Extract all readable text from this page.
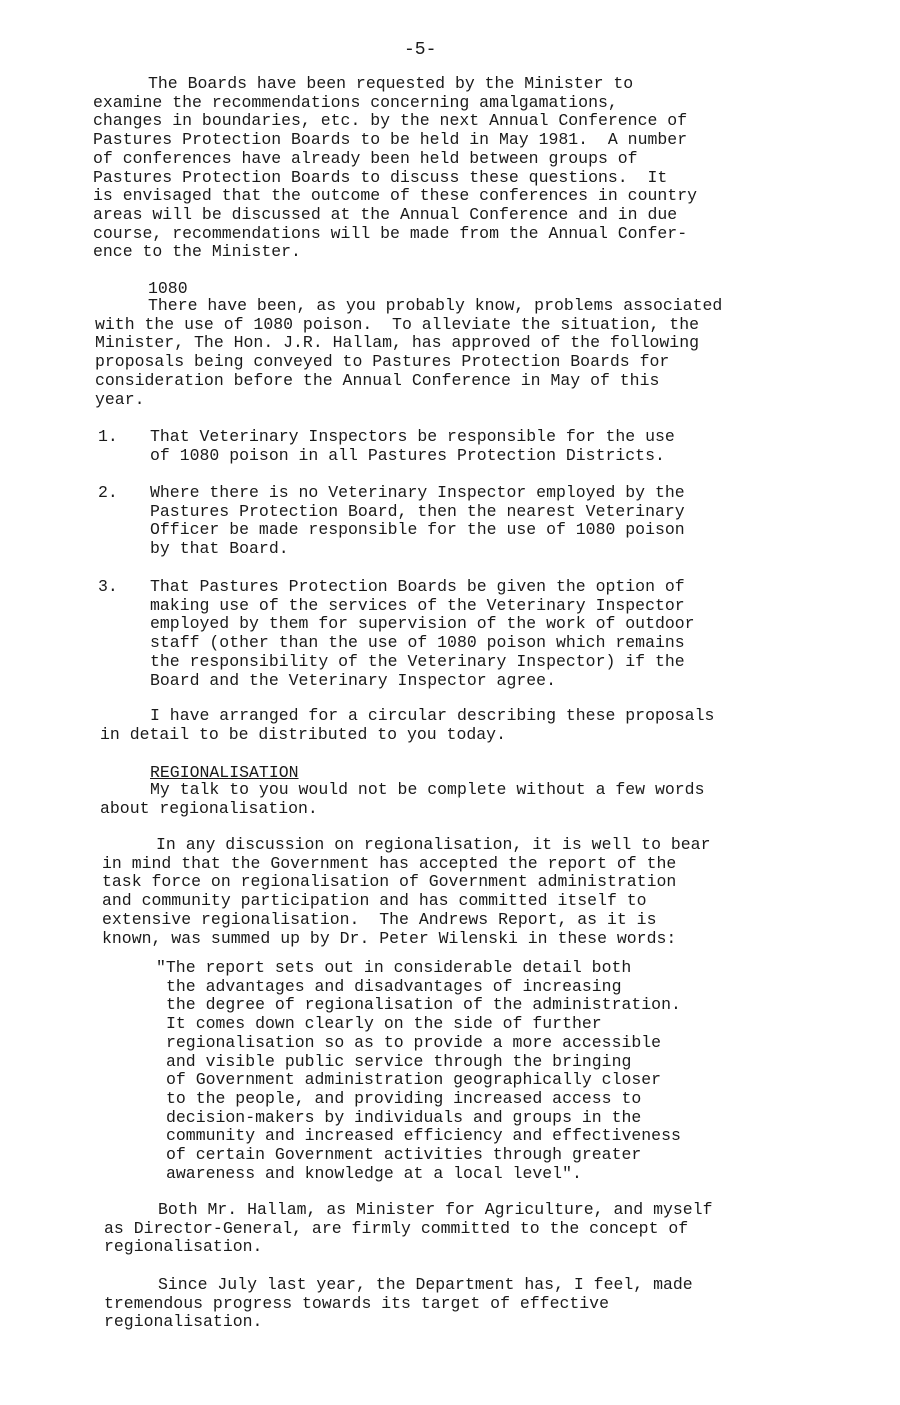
-5-
The Boards have been requested by the Minister to
examine the recommendations concerning amalgamations,
changes in boundaries, etc. by the next Annual Conference of
Pastures Protection Boards to be held in May 1981.  A number
of conferences have already been held between groups of
Pastures Protection Boards to discuss these questions.  It
is envisaged that the outcome of these conferences in country
areas will be discussed at the Annual Conference and in due
course, recommendations will be made from the Annual Confer-
ence to the Minister.
1080
There have been, as you probably know, problems associated
with the use of 1080 poison.  To alleviate the situation, the
Minister, The Hon. J.R. Hallam, has approved of the following
proposals being conveyed to Pastures Protection Boards for
consideration before the Annual Conference in May of this
year.
1. That Veterinary Inspectors be responsible for the use
of 1080 poison in all Pastures Protection Districts.
2. Where there is no Veterinary Inspector employed by the
Pastures Protection Board, then the nearest Veterinary
Officer be made responsible for the use of 1080 poison
by that Board.
3. That Pastures Protection Boards be given the option of
making use of the services of the Veterinary Inspector
employed by them for supervision of the work of outdoor
staff (other than the use of 1080 poison which remains
the responsibility of the Veterinary Inspector) if the
Board and the Veterinary Inspector agree.
I have arranged for a circular describing these proposals
in detail to be distributed to you today.
REGIONALISATION
My talk to you would not be complete without a few words
about regionalisation.
In any discussion on regionalisation, it is well to bear
in mind that the Government has accepted the report of the
task force on regionalisation of Government administration
and community participation and has committed itself to
extensive regionalisation.  The Andrews Report, as it is
known, was summed up by Dr. Peter Wilenski in these words:
"The report sets out in considerable detail both
the advantages and disadvantages of increasing
the degree of regionalisation of the administration.
It comes down clearly on the side of further
regionalisation so as to provide a more accessible
and visible public service through the bringing
of Government administration geographically closer
to the people, and providing increased access to
decision-makers by individuals and groups in the
community and increased efficiency and effectiveness
of certain Government activities through greater
awareness and knowledge at a local level".
Both Mr. Hallam, as Minister for Agriculture, and myself
as Director-General, are firmly committed to the concept of
regionalisation.
Since July last year, the Department has, I feel, made
tremendous progress towards its target of effective
regionalisation.
